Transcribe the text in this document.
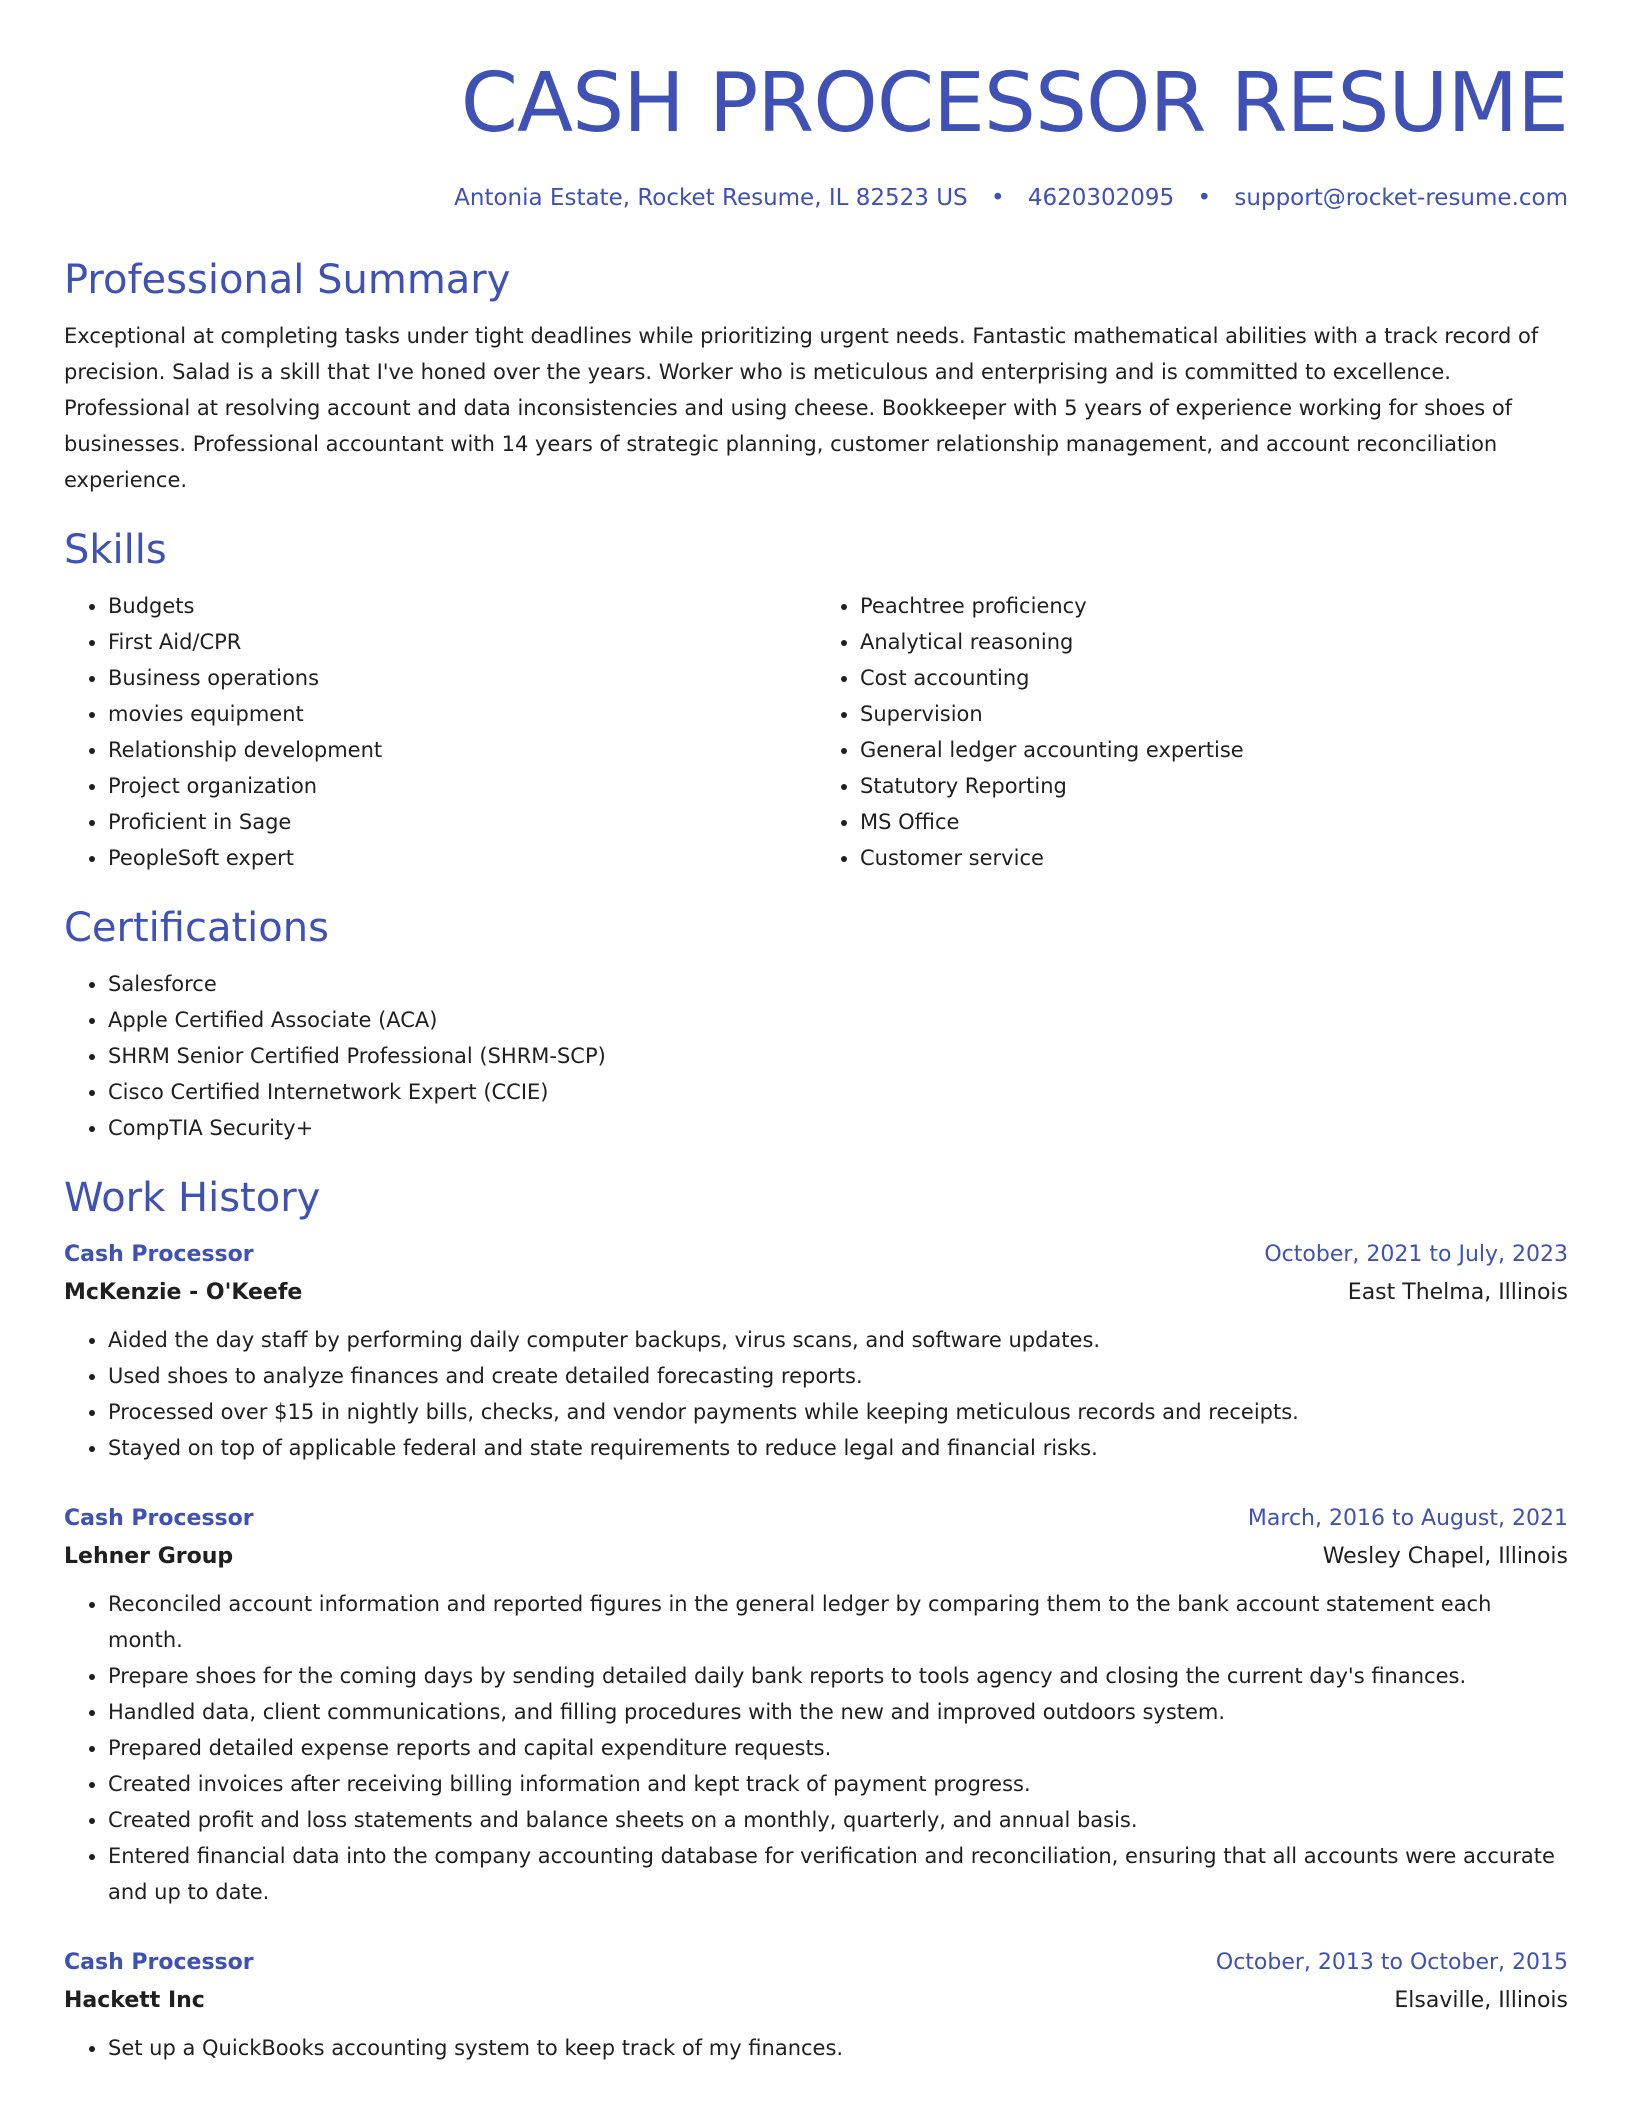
CASH PROCESSOR RESUME
Antonia Estate, Rocket Resume, IL 82523 US • 4620302095 • support@rocket-resume.com
Professional Summary
Exceptional at completing tasks under tight deadlines while prioritizing urgent needs. Fantastic mathematical abilities with a track record of precision. Salad is a skill that I've honed over the years. Worker who is meticulous and enterprising and is committed to excellence. Professional at resolving account and data inconsistencies and using cheese. Bookkeeper with 5 years of experience working for shoes of businesses. Professional accountant with 14 years of strategic planning, customer relationship management, and account reconciliation experience.
Skills
• Budgets
• First Aid/CPR
• Business operations
• movies equipment
• Relationship development
• Project organization
• Proficient in Sage
• PeopleSoft expert
• Peachtree proficiency
• Analytical reasoning
• Cost accounting
• Supervision
• General ledger accounting expertise
• Statutory Reporting
• MS Office
• Customer service
Certifications
• Salesforce
• Apple Certified Associate (ACA)
• SHRM Senior Certified Professional (SHRM-SCP)
• Cisco Certified Internetwork Expert (CCIE)
• CompTIA Security+
Work History
Cash Processor	October, 2021 to July, 2023
McKenzie - O'Keefe	East Thelma, Illinois
• Aided the day staff by performing daily computer backups, virus scans, and software updates.
• Used shoes to analyze finances and create detailed forecasting reports.
• Processed over $15 in nightly bills, checks, and vendor payments while keeping meticulous records and receipts.
• Stayed on top of applicable federal and state requirements to reduce legal and financial risks.
Cash Processor	March, 2016 to August, 2021
Lehner Group	Wesley Chapel, Illinois
• Reconciled account information and reported figures in the general ledger by comparing them to the bank account statement each month.
• Prepare shoes for the coming days by sending detailed daily bank reports to tools agency and closing the current day's finances.
• Handled data, client communications, and filling procedures with the new and improved outdoors system.
• Prepared detailed expense reports and capital expenditure requests.
• Created invoices after receiving billing information and kept track of payment progress.
• Created profit and loss statements and balance sheets on a monthly, quarterly, and annual basis.
• Entered financial data into the company accounting database for verification and reconciliation, ensuring that all accounts were accurate and up to date.
Cash Processor	October, 2013 to October, 2015
Hackett Inc	Elsaville, Illinois
• Set up a QuickBooks accounting system to keep track of my finances.
